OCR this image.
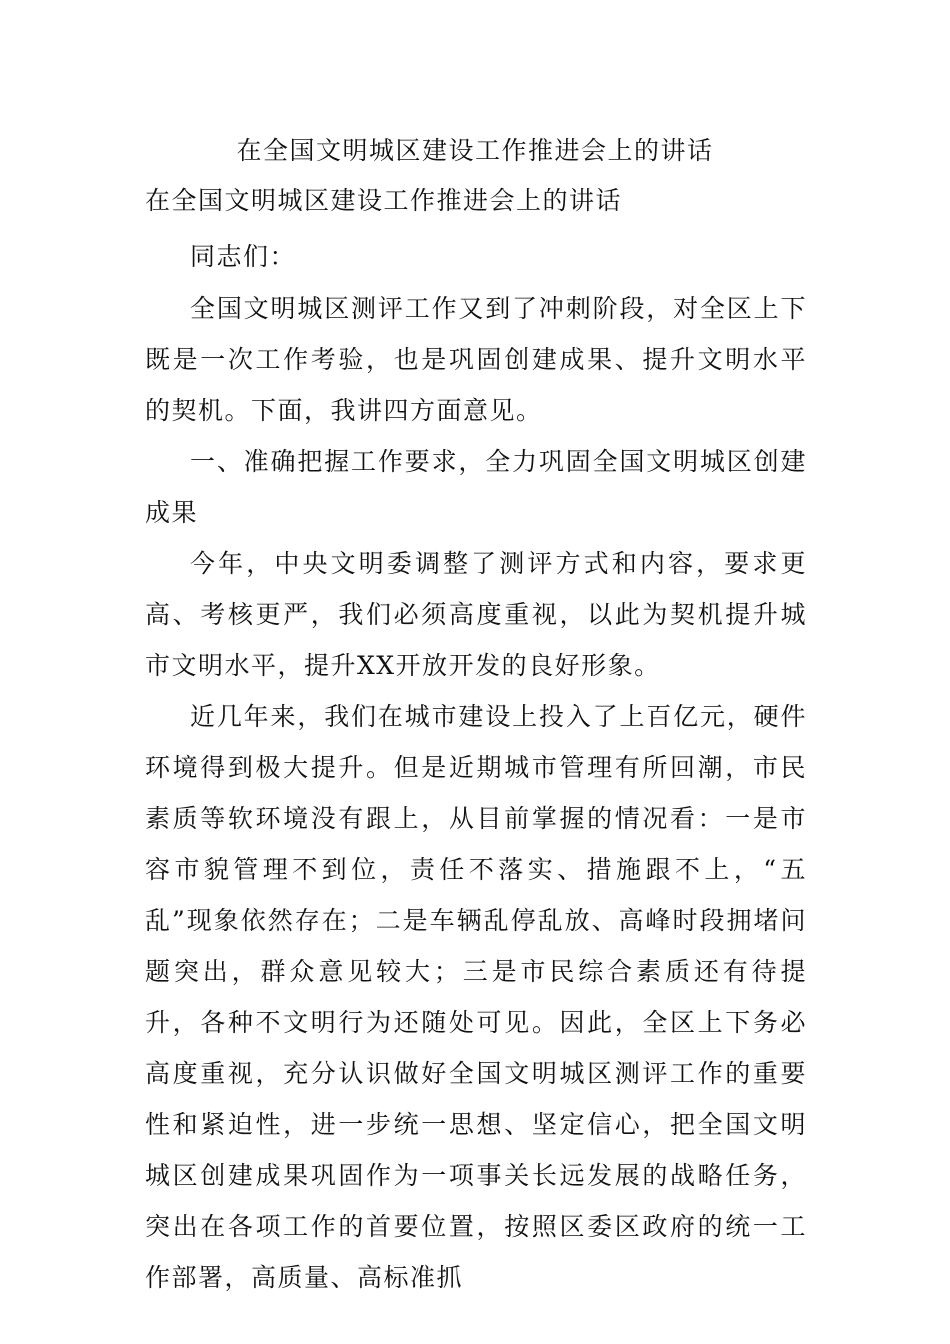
在全国文明城区建设工作推进会上的讲话
在全国文明城区建设工作推进会上的讲话

同志们：

全国文明城区测评工作又到了冲刺阶段，对全区上下既是一次工作考验，也是巩固创建成果、提升文明水平的契机。下面，我讲四方面意见。

一、准确把握工作要求，全力巩固全国文明城区创建成果

今年，中央文明委调整了测评方式和内容，要求更高、考核更严，我们必须高度重视，以此为契机提升城市文明水平，提升XX开放开发的良好形象。

近几年来，我们在城市建设上投入了上百亿元，硬件环境得到极大提升。但是近期城市管理有所回潮，市民素质等软环境没有跟上，从目前掌握的情况看：一是市容市貌管理不到位，责任不落实、措施跟不上，“五乱”现象依然存在；二是车辆乱停乱放、高峰时段拥堵问题突出，群众意见较大；三是市民综合素质还有待提升，各种不文明行为还随处可见。因此，全区上下务必高度重视，充分认识做好全国文明城区测评工作的重要性和紧迫性，进一步统一思想、坚定信心，把全国文明城区创建成果巩固作为一项事关长远发展的战略任务，突出在各项工作的首要位置，按照区委区政府的统一工作部署，高质量、高标准抓
